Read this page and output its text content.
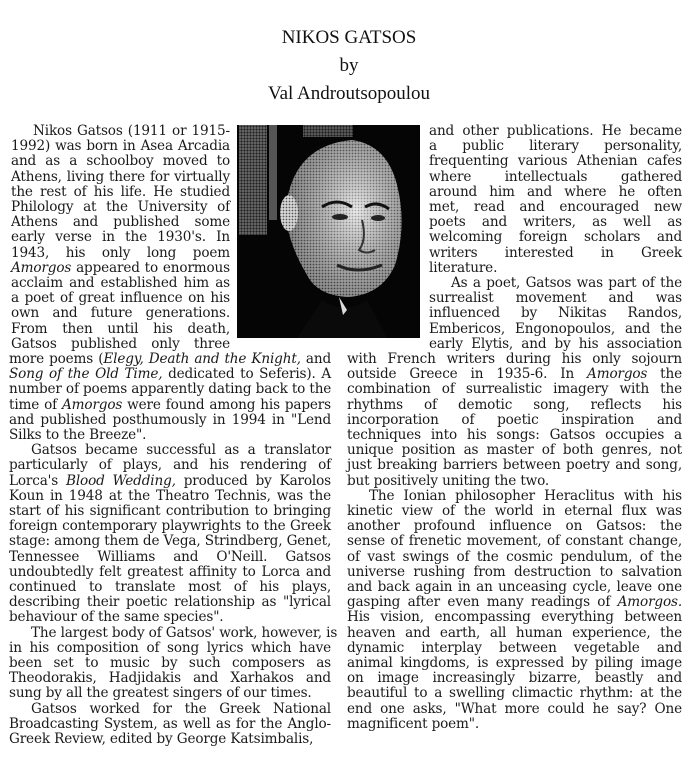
NIKOS GATSOS
by
Val Androutsopoulou
Nikos Gatsos (1911 or 1915-
1992) was born in Asea Arcadia
and as a schoolboy moved to
Athens, living there for virtually
the rest of his life. He studied
Philology at the University of
Athens and published some
early verse in the 1930's. In
1943, his only long poem
Amorgos appeared to enormous
acclaim and established him as
a poet of great influence on his
own and future generations.
From then until his death,
Gatsos published only three
more poems (Elegy, Death and the Knight, and
Song of the Old Time, dedicated to Seferis). A
number of poems apparently dating back to the
time of Amorgos were found among his papers
and published posthumously in 1994 in "Lend
Silks to the Breeze".
Gatsos became successful as a translator
particularly of plays, and his rendering of
Lorca's Blood Wedding, produced by Karolos
Koun in 1948 at the Theatro Technis, was the
start of his significant contribution to bringing
foreign contemporary playwrights to the Greek
stage: among them de Vega, Strindberg, Genet,
Tennessee Williams and O'Neill. Gatsos
undoubtedly felt greatest affinity to Lorca and
continued to translate most of his plays,
describing their poetic relationship as "lyrical
behaviour of the same species".
The largest body of Gatsos' work, however, is
in his composition of song lyrics which have
been set to music by such composers as
Theodorakis, Hadjidakis and Xarhakos and
sung by all the greatest singers of our times.
Gatsos worked for the Greek National
Broadcasting System, as well as for the Anglo-
Greek Review, edited by George Katsimbalis,
and other publications. He became
a public literary personality,
frequenting various Athenian cafes
where intellectuals gathered
around him and where he often
met, read and encouraged new
poets and writers, as well as
welcoming foreign scholars and
writers interested in Greek
literature.
As a poet, Gatsos was part of the
surrealist movement and was
influenced by Nikitas Randos,
Embericos, Engonopoulos, and the
early Elytis, and by his association
with French writers during his only sojourn
outside Greece in 1935-6. In Amorgos the
combination of surrealistic imagery with the
rhythms of demotic song, reflects his
incorporation of poetic inspiration and
techniques into his songs: Gatsos occupies a
unique position as master of both genres, not
just breaking barriers between poetry and song,
but positively uniting the two.
The Ionian philosopher Heraclitus with his
kinetic view of the world in eternal flux was
another profound influence on Gatsos: the
sense of frenetic movement, of constant change,
of vast swings of the cosmic pendulum, of the
universe rushing from destruction to salvation
and back again in an unceasing cycle, leave one
gasping after even many readings of Amorgos.
His vision, encompassing everything between
heaven and earth, all human experience, the
dynamic interplay between vegetable and
animal kingdoms, is expressed by piling image
on image increasingly bizarre, beastly and
beautiful to a swelling climactic rhythm: at the
end one asks, "What more could he say? One
magnificent poem".
